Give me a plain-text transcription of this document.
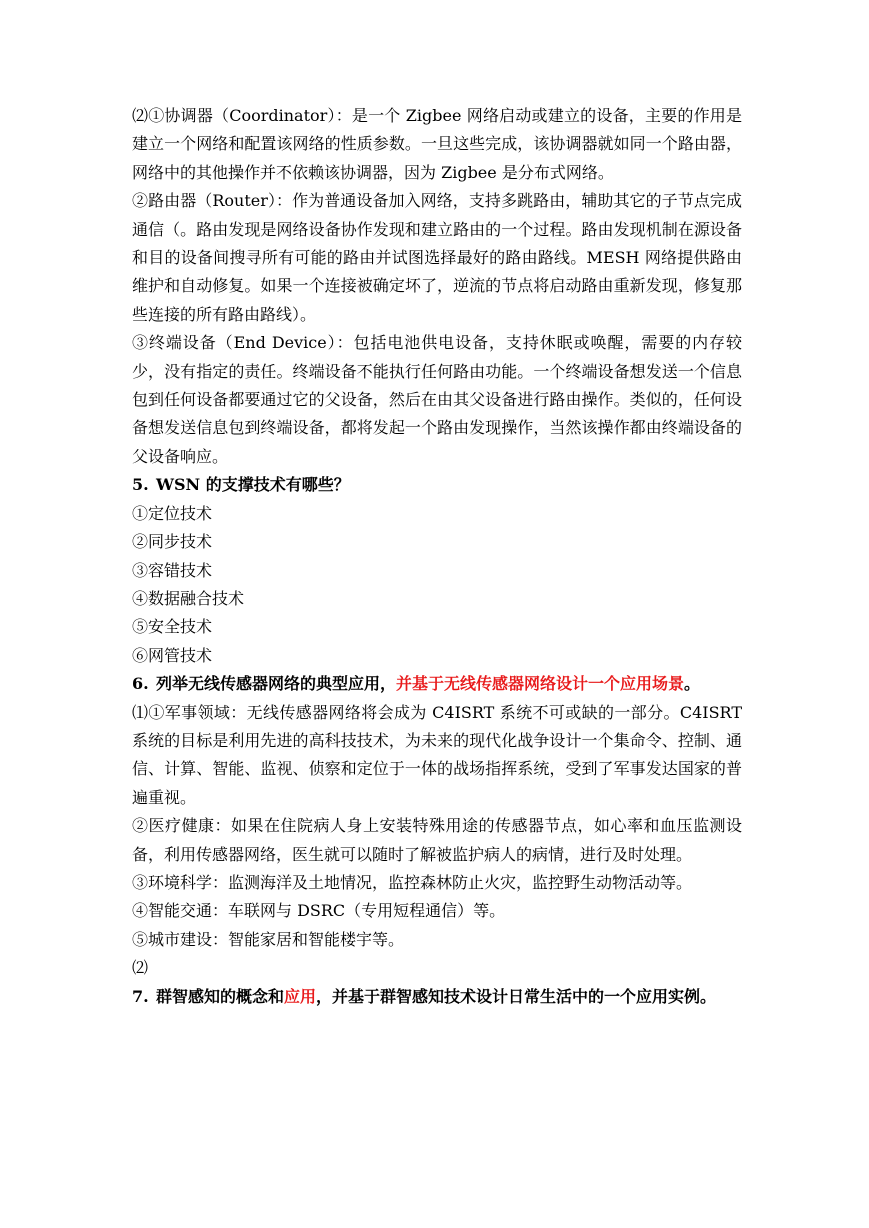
⑵①协调器（Coordinator）：是一个 Zigbee 网络启动或建立的设备，主要的作用是建立一个网络和配置该网络的性质参数。一旦这些完成，该协调器就如同一个路由器，网络中的其他操作并不依赖该协调器，因为 Zigbee 是分布式网络。

②路由器（Router）：作为普通设备加入网络，支持多跳路由，辅助其它的子节点完成通信（。路由发现是网络设备协作发现和建立路由的一个过程。路由发现机制在源设备和目的设备间搜寻所有可能的路由并试图选择最好的路由路线。MESH 网络提供路由维护和自动修复。如果一个连接被确定坏了，逆流的节点将启动路由重新发现，修复那些连接的所有路由路线）。

③终端设备（End Device）：包括电池供电设备，支持休眠或唤醒，需要的内存较少，没有指定的责任。终端设备不能执行任何路由功能。一个终端设备想发送一个信息包到任何设备都要通过它的父设备，然后在由其父设备进行路由操作。类似的，任何设备想发送信息包到终端设备，都将发起一个路由发现操作，当然该操作都由终端设备的父设备响应。

5. WSN 的支撑技术有哪些？

①定位技术

②同步技术

③容错技术

④数据融合技术

⑤安全技术

⑥网管技术

6. 列举无线传感器网络的典型应用，并基于无线传感器网络设计一个应用场景。

⑴①军事领域：无线传感器网络将会成为 C4ISRT 系统不可或缺的一部分。C4ISRT 系统的目标是利用先进的高科技技术，为未来的现代化战争设计一个集命令、控制、通信、计算、智能、监视、侦察和定位于一体的战场指挥系统，受到了军事发达国家的普遍重视。

②医疗健康：如果在住院病人身上安装特殊用途的传感器节点，如心率和血压监测设备，利用传感器网络，医生就可以随时了解被监护病人的病情，进行及时处理。

③环境科学：监测海洋及土地情况，监控森林防止火灾，监控野生动物活动等。

④智能交通：车联网与 DSRC（专用短程通信）等。

⑤城市建设：智能家居和智能楼宇等。

⑵

7. 群智感知的概念和应用，并基于群智感知技术设计日常生活中的一个应用实例。
